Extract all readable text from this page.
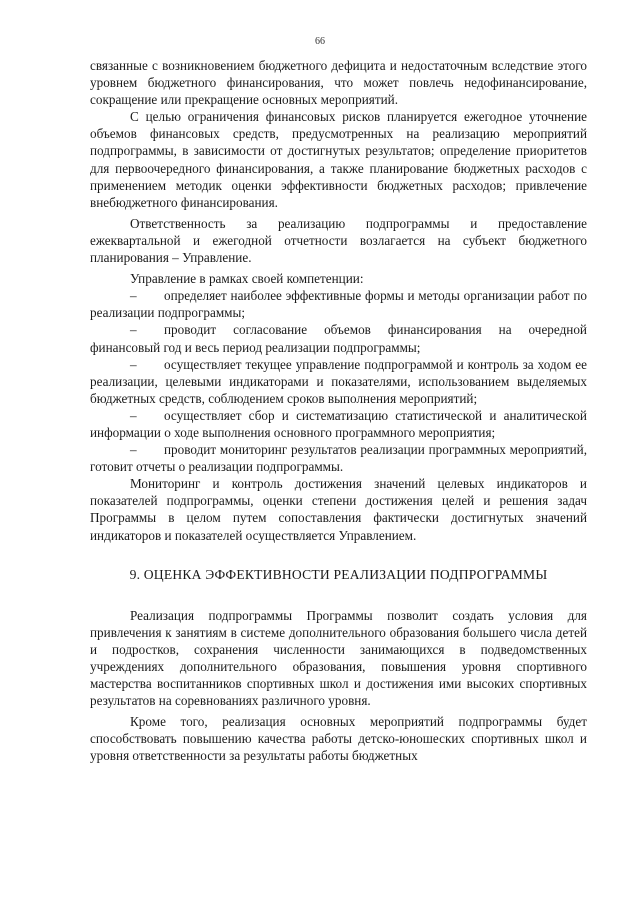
66

связанные с возникновением бюджетного дефицита и недостаточным вследствие этого уровнем бюджетного финансирования, что может повлечь недофинансирование, сокращение или прекращение основных мероприятий.

С целью ограничения финансовых рисков планируется ежегодное уточнение объемов финансовых средств, предусмотренных на реализацию мероприятий подпрограммы, в зависимости от достигнутых результатов; определение приоритетов для первоочередного финансирования, а также планирование бюджетных расходов с применением методик оценки эффективности бюджетных расходов; привлечение внебюджетного финансирования.

Ответственность за реализацию подпрограммы и предоставление ежеквартальной и ежегодной отчетности возлагается на субъект бюджетного планирования – Управление.

Управление в рамках своей компетенции:

– определяет наиболее эффективные формы и методы организации работ по реализации подпрограммы;

– проводит согласование объемов финансирования на очередной финансовый год и весь период реализации подпрограммы;

– осуществляет текущее управление подпрограммой и контроль за ходом ее реализации, целевыми индикаторами и показателями, использованием выделяемых бюджетных средств, соблюдением сроков выполнения мероприятий;

– осуществляет сбор и систематизацию статистической и аналитической информации о ходе выполнения основного программного мероприятия;

– проводит мониторинг результатов реализации программных мероприятий, готовит отчеты о реализации подпрограммы.

Мониторинг и контроль достижения значений целевых индикаторов и показателей подпрограммы, оценки степени достижения целей и решения задач Программы в целом путем сопоставления фактически достигнутых значений индикаторов и показателей осуществляется Управлением.

9. ОЦЕНКА ЭФФЕКТИВНОСТИ РЕАЛИЗАЦИИ ПОДПРОГРАММЫ

Реализация подпрограммы Программы позволит создать условия для привлечения к занятиям в системе дополнительного образования большего числа детей и подростков, сохранения численности занимающихся в подведомственных учреждениях дополнительного образования, повышения уровня спортивного мастерства воспитанников спортивных школ и достижения ими высоких спортивных результатов на соревнованиях различного уровня.

Кроме того, реализация основных мероприятий подпрограммы будет способствовать повышению качества работы детско-юношеских спортивных школ и уровня ответственности за результаты работы бюджетных
